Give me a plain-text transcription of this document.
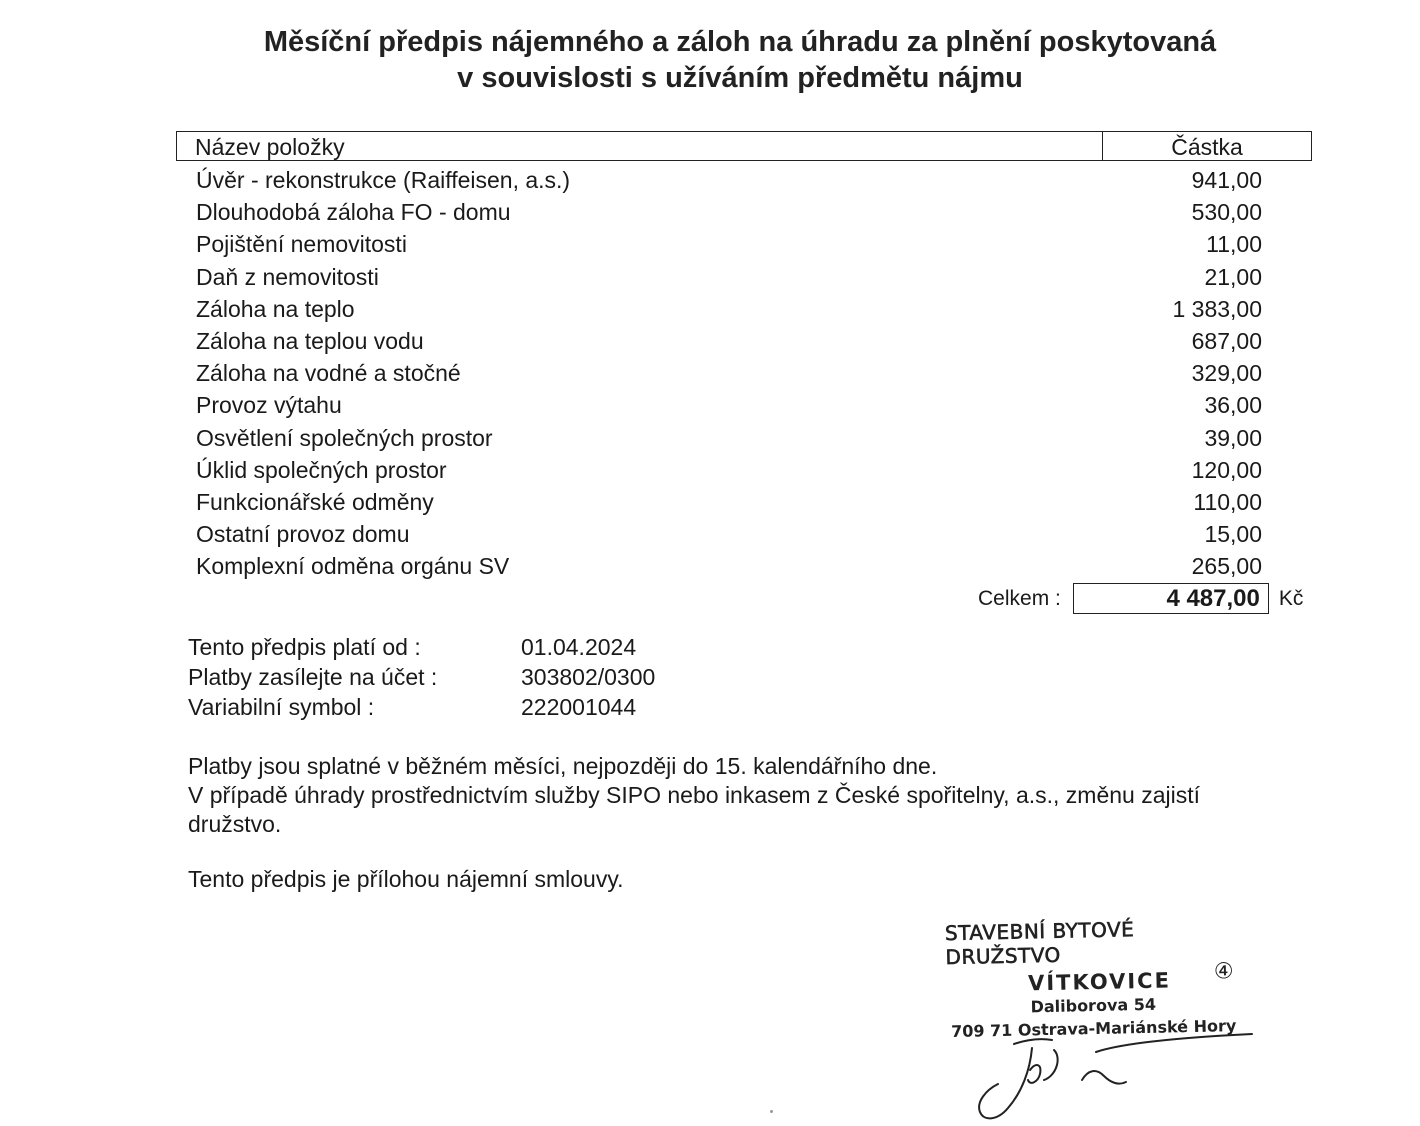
Měsíční předpis nájemného a záloh na úhradu za plnění poskytovaná
v souvislosti s užíváním předmětu nájmu
Název položky	Částka
Úvěr - rekonstrukce (Raiffeisen, a.s.)	941,00
Dlouhodobá záloha FO - domu	530,00
Pojištění nemovitosti	11,00
Daň z nemovitosti	21,00
Záloha na teplo	1 383,00
Záloha na teplou vodu	687,00
Záloha na vodné a stočné	329,00
Provoz výtahu	36,00
Osvětlení společných prostor	39,00
Úklid společných prostor	120,00
Funkcionářské odměny	110,00
Ostatní provoz domu	15,00
Komplexní odměna orgánu SV	265,00
Celkem :	4 487,00 Kč
Tento předpis platí od :	01.04.2024
Platby zasílejte na účet :	303802/0300
Variabilní symbol :	222001044

Platby jsou splatné v běžném měsíci, nejpozději do 15. kalendářního dne.

V případě úhrady prostřednictvím služby SIPO nebo inkasem z České spořitelny, a.s., změnu zajistí družstvo.

Tento předpis je přílohou nájemní smlouvy.
STAVEBNÍ BYTOVÉ DRUŽSTVO
VÍTKOVICE
Daliborova 54
709 71 Ostrava-Mariánské Hory
④
